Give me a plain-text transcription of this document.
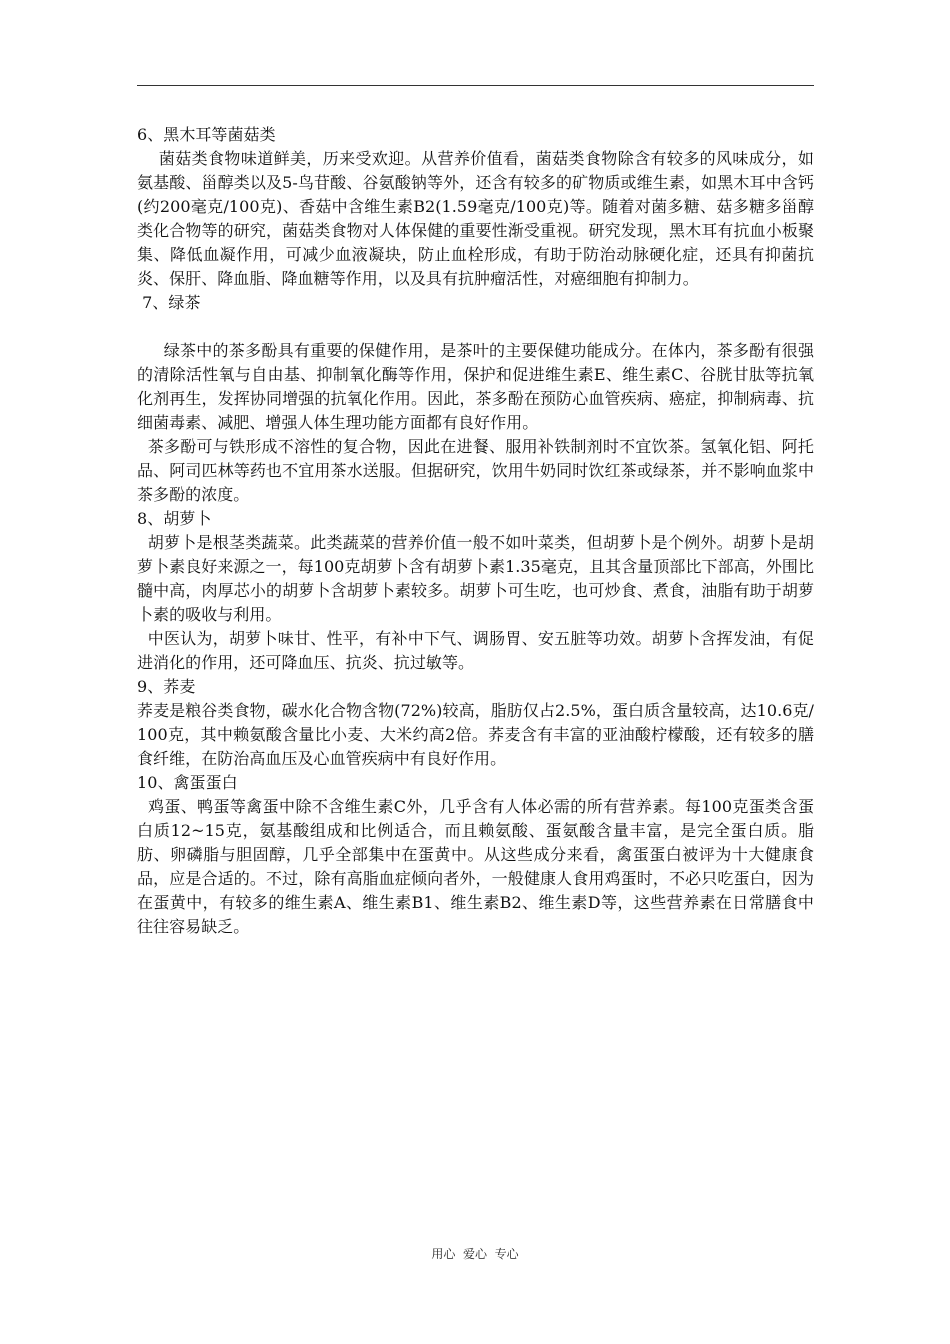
6、黑木耳等菌菇类

菌菇类食物味道鲜美，历来受欢迎。从营养价值看，菌菇类食物除含有较多的风味成分，如氨基酸、甾醇类以及5-鸟苷酸、谷氨酸钠等外，还含有较多的矿物质或维生素，如黑木耳中含钙(约200毫克/100克)、香菇中含维生素B2(1.59毫克/100克)等。随着对菌多糖、菇多糖多甾醇类化合物等的研究，菌菇类食物对人体保健的重要性渐受重视。研究发现，黑木耳有抗血小板聚集、降低血凝作用，可减少血液凝块，防止血栓形成，有助于防治动脉硬化症，还具有抑菌抗炎、保肝、降血脂、降血糖等作用，以及具有抗肿瘤活性，对癌细胞有抑制力。

7、绿茶

绿茶中的茶多酚具有重要的保健作用，是茶叶的主要保健功能成分。在体内，茶多酚有很强的清除活性氧与自由基、抑制氧化酶等作用，保护和促进维生素E、维生素C、谷胱甘肽等抗氧化剂再生，发挥协同增强的抗氧化作用。因此，茶多酚在预防心血管疾病、癌症，抑制病毒、抗细菌毒素、减肥、增强人体生理功能方面都有良好作用。

茶多酚可与铁形成不溶性的复合物，因此在进餐、服用补铁制剂时不宜饮茶。氢氧化铝、阿托品、阿司匹林等药也不宜用茶水送服。但据研究，饮用牛奶同时饮红茶或绿茶，并不影响血浆中茶多酚的浓度。

8、胡萝卜

胡萝卜是根茎类蔬菜。此类蔬菜的营养价值一般不如叶菜类，但胡萝卜是个例外。胡萝卜是胡萝卜素良好来源之一，每100克胡萝卜含有胡萝卜素1.35毫克，且其含量顶部比下部高，外围比髓中高，肉厚芯小的胡萝卜含胡萝卜素较多。胡萝卜可生吃，也可炒食、煮食，油脂有助于胡萝卜素的吸收与利用。

中医认为，胡萝卜味甘、性平，有补中下气、调肠胃、安五脏等功效。胡萝卜含挥发油，有促进消化的作用，还可降血压、抗炎、抗过敏等。

9、荞麦

荞麦是粮谷类食物，碳水化合物含物(72%)较高，脂肪仅占2.5%，蛋白质含量较高，达10.6克/100克，其中赖氨酸含量比小麦、大米约高2倍。荞麦含有丰富的亚油酸柠檬酸，还有较多的膳食纤维，在防治高血压及心血管疾病中有良好作用。

10、禽蛋蛋白

鸡蛋、鸭蛋等禽蛋中除不含维生素C外，几乎含有人体必需的所有营养素。每100克蛋类含蛋白质12~15克，氨基酸组成和比例适合，而且赖氨酸、蛋氨酸含量丰富，是完全蛋白质。脂肪、卵磷脂与胆固醇，几乎全部集中在蛋黄中。从这些成分来看，禽蛋蛋白被评为十大健康食品，应是合适的。不过，除有高脂血症倾向者外，一般健康人食用鸡蛋时，不必只吃蛋白，因为在蛋黄中，有较多的维生素A、维生素B1、维生素B2、维生素D等，这些营养素在日常膳食中往往容易缺乏。

用心  爱心  专心
